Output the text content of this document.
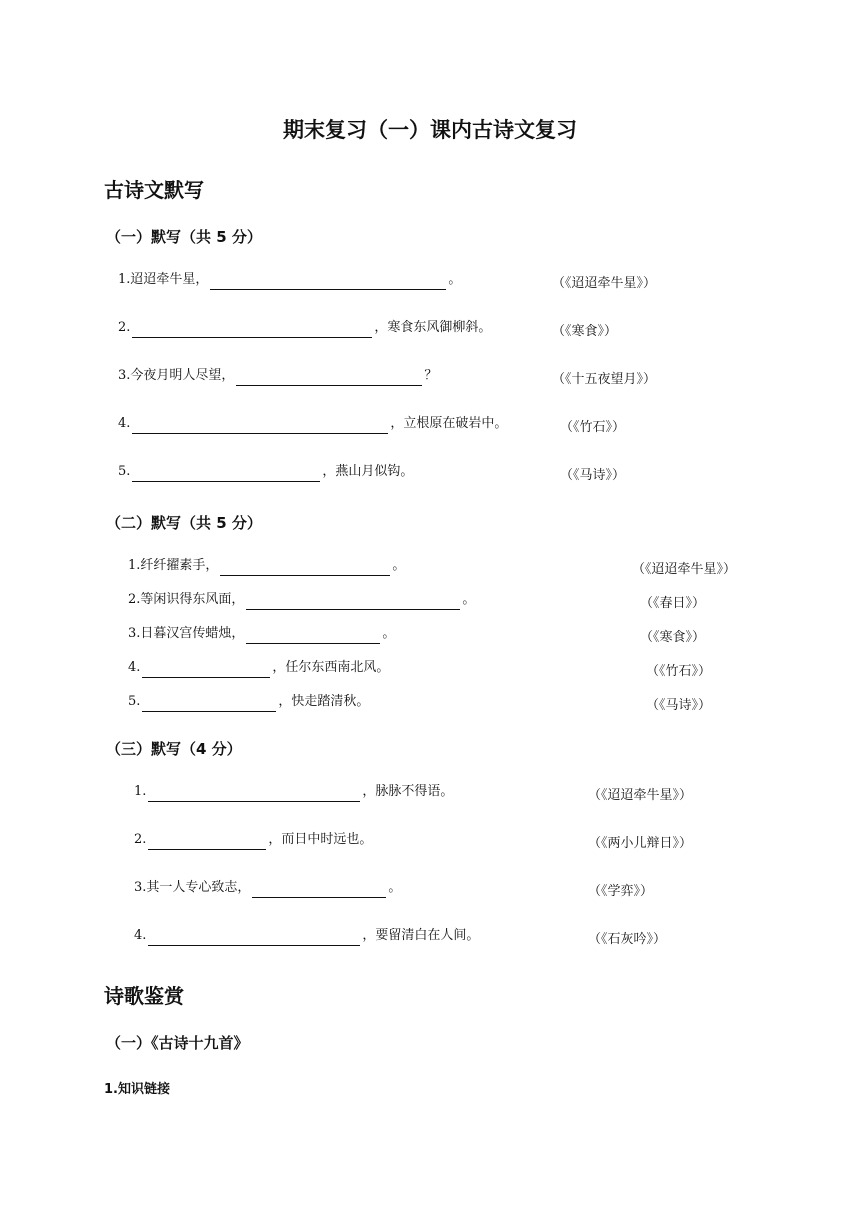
期末复习（一）课内古诗文复习
古诗文默写
（一）默写（共 5 分）
1. 迢迢牵牛星，	。	（《迢迢牵牛星》）
2.	，寒食东风御柳斜。	（《寒食》）
3. 今夜月明人尽望，	？	（《十五夜望月》）
4.	，立根原在破岩中。	（《竹石》）
5.	，燕山月似钩。	（《马诗》）
（二）默写（共 5 分）
1. 纤纤擢素手，	。	（《迢迢牵牛星》）
2. 等闲识得东风面，	。	（《春日》）
3. 日暮汉宫传蜡烛，	。	（《寒食》）
4.	，任尔东西南北风。	（《竹石》）
5.	，快走踏清秋。	（《马诗》）
（三）默写（4 分）
1.	，脉脉不得语。	（《迢迢牵牛星》）
2.	，而日中时远也。	（《两小儿辩日》）
3. 其一人专心致志，	。	（《学弈》）
4.	，要留清白在人间。	（《石灰吟》）
诗歌鉴赏
（一）《古诗十九首》
1.知识链接
